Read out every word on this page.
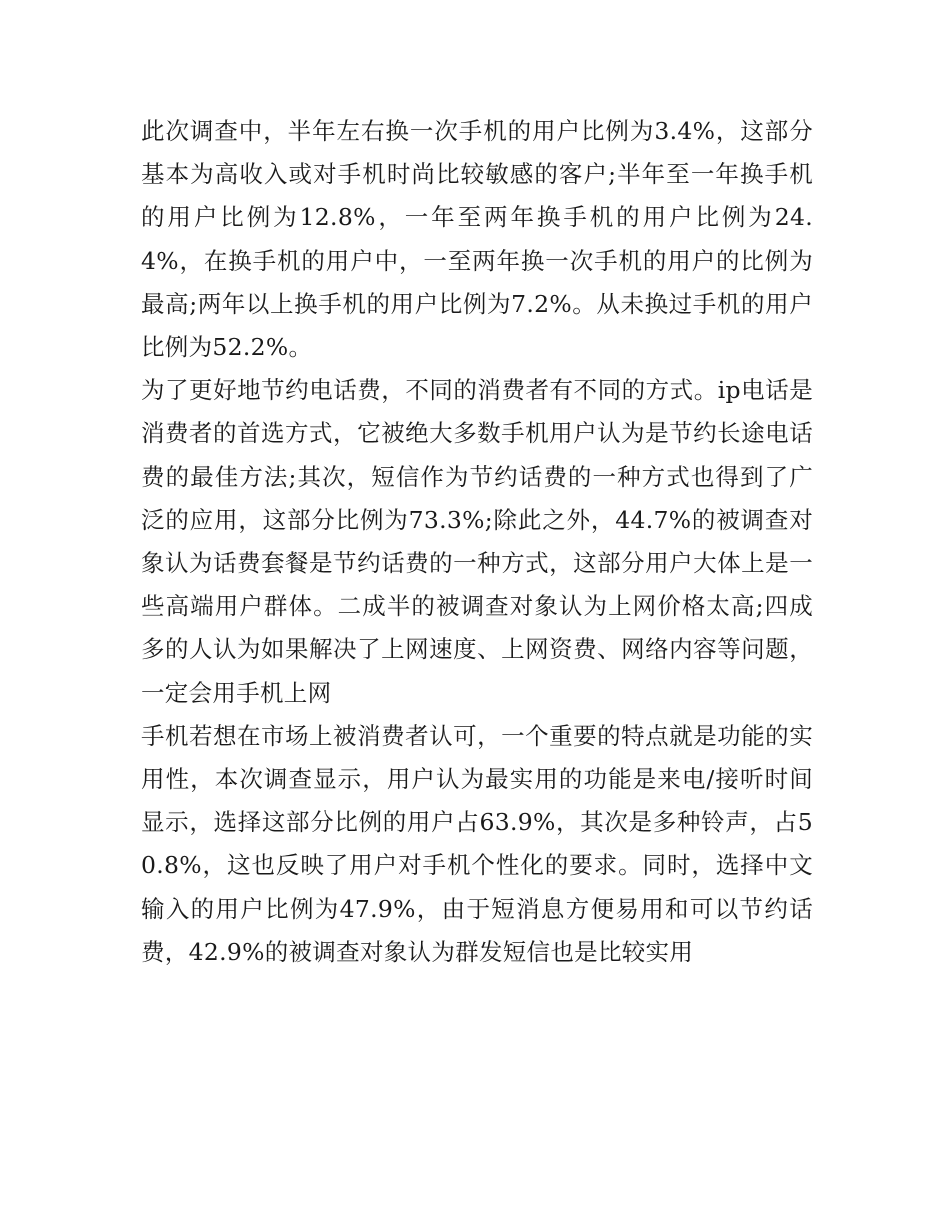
此次调查中，半年左右换一次手机的用户比例为3.4%，这部分基本为高收入或对手机时尚比较敏感的客户;半年至一年换手机的用户比例为12.8%，一年至两年换手机的用户比例为24.4%，在换手机的用户中，一至两年换一次手机的用户的比例为最高;两年以上换手机的用户比例为7.2%。从未换过手机的用户比例为52.2%。

为了更好地节约电话费，不同的消费者有不同的方式。ip电话是消费者的首选方式，它被绝大多数手机用户认为是节约长途电话费的最佳方法;其次，短信作为节约话费的一种方式也得到了广泛的应用，这部分比例为73.3%;除此之外，44.7%的被调查对象认为话费套餐是节约话费的一种方式，这部分用户大体上是一些高端用户群体。二成半的被调查对象认为上网价格太高;四成多的人认为如果解决了上网速度、上网资费、网络内容等问题，一定会用手机上网

手机若想在市场上被消费者认可，一个重要的特点就是功能的实用性，本次调查显示，用户认为最实用的功能是来电/接听时间显示，选择这部分比例的用户占63.9%，其次是多种铃声，占50.8%，这也反映了用户对手机个性化的要求。同时，选择中文输入的用户比例为47.9%，由于短消息方便易用和可以节约话费，42.9%的被调查对象认为群发短信也是比较实用
